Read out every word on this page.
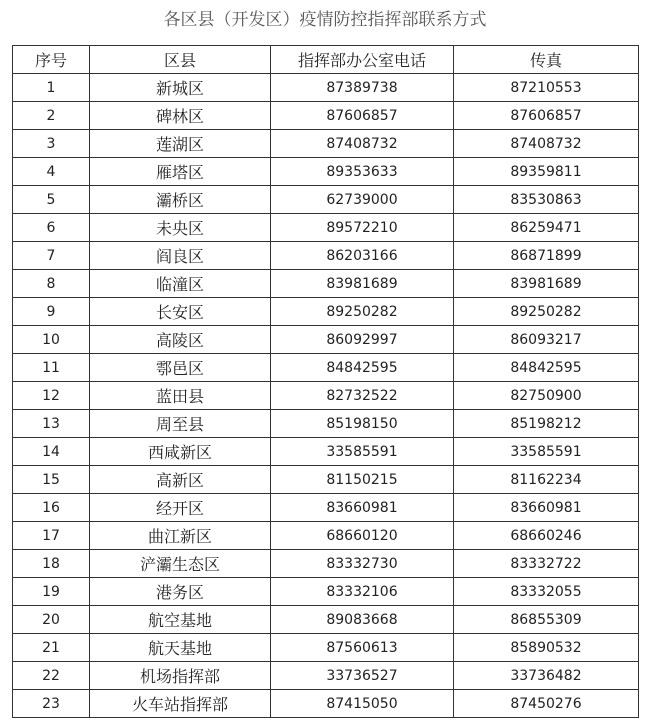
各区县（开发区）疫情防控指挥部联系方式
序号	区县	指挥部办公室电话	传真
1	新城区	87389738	87210553
2	碑林区	87606857	87606857
3	莲湖区	87408732	87408732
4	雁塔区	89353633	89359811
5	灞桥区	62739000	83530863
6	未央区	89572210	86259471
7	阎良区	86203166	86871899
8	临潼区	83981689	83981689
9	长安区	89250282	89250282
10	高陵区	86092997	86093217
11	鄠邑区	84842595	84842595
12	蓝田县	82732522	82750900
13	周至县	85198150	85198212
14	西咸新区	33585591	33585591
15	高新区	81150215	81162234
16	经开区	83660981	83660981
17	曲江新区	68660120	68660246
18	浐灞生态区	83332730	83332722
19	港务区	83332106	83332055
20	航空基地	89083668	86855309
21	航天基地	87560613	85890532
22	机场指挥部	33736527	33736482
23	火车站指挥部	87415050	87450276
